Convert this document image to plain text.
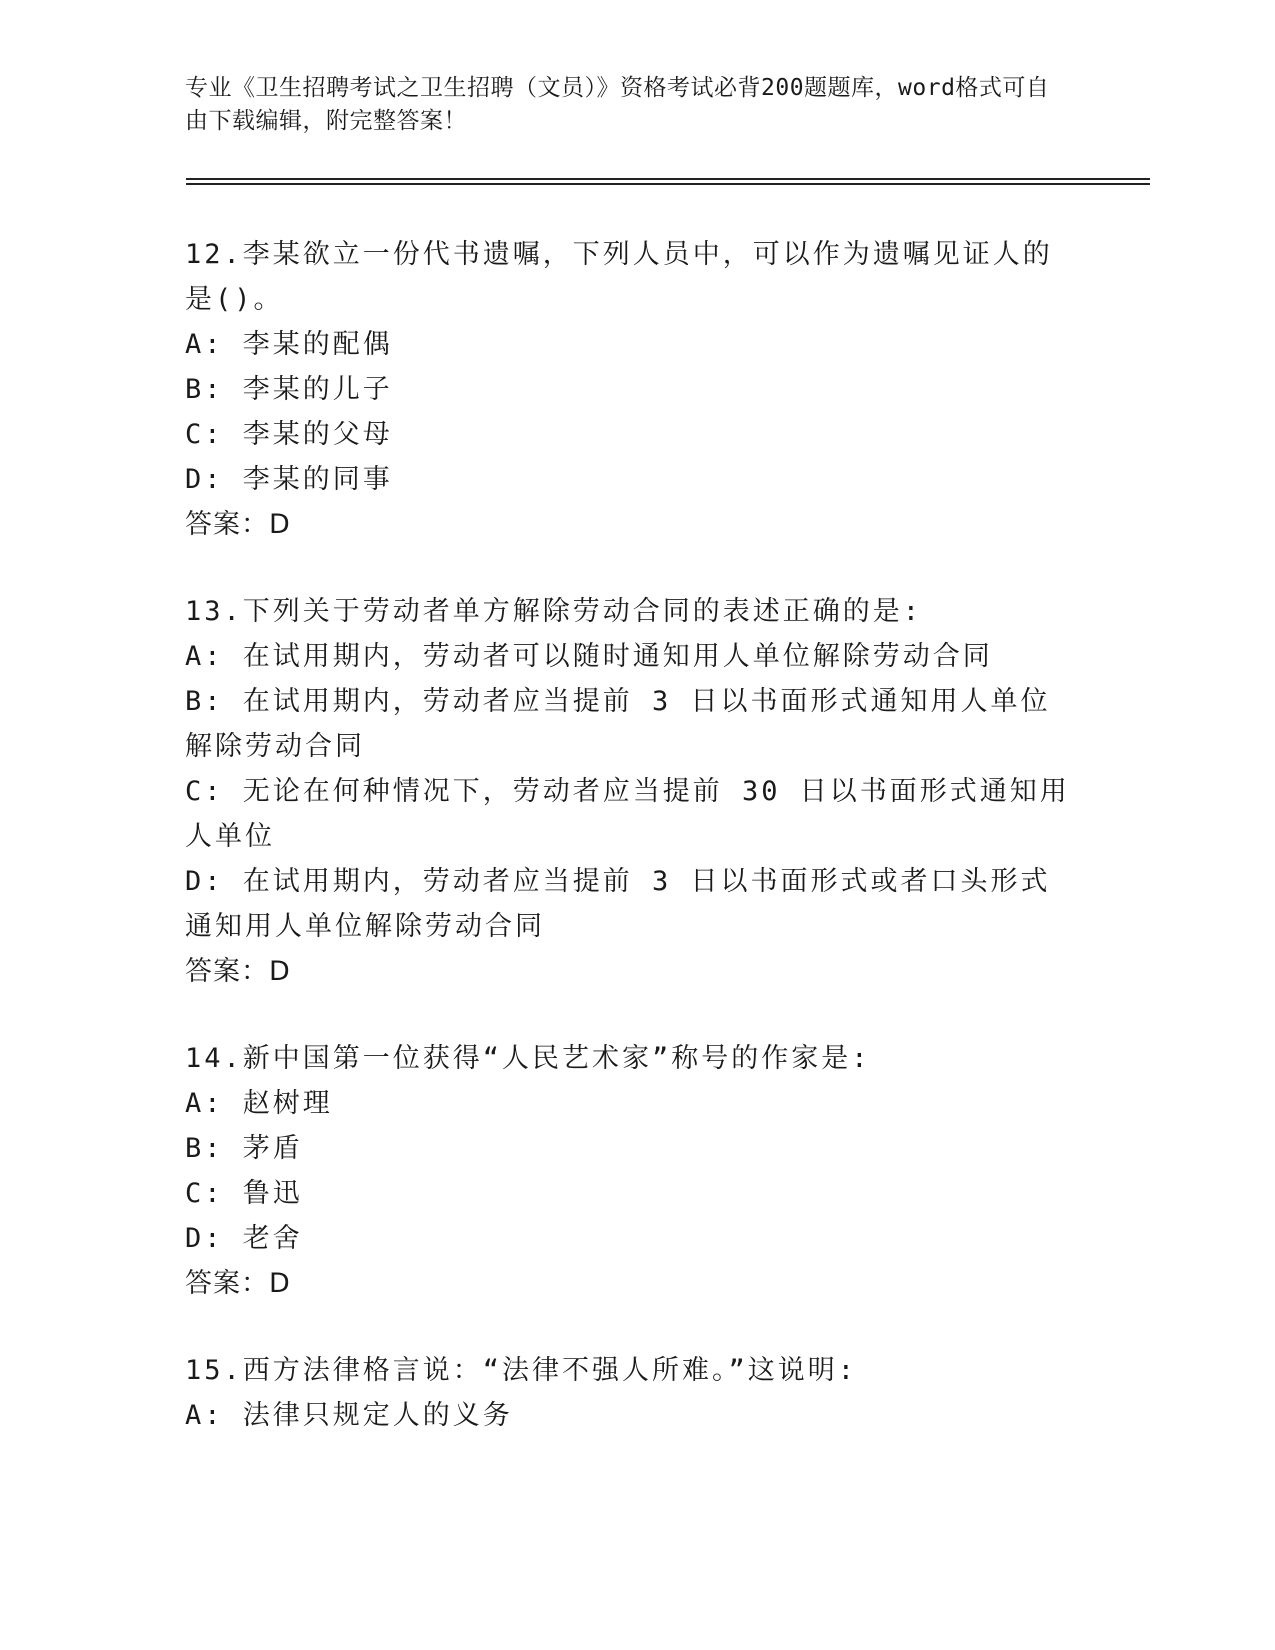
专业《卫生招聘考试之卫生招聘（文员）》资格考试必背200题题库，word格式可自由下载编辑，附完整答案！

12.李某欲立一份代书遗嘱，下列人员中，可以作为遗嘱见证人的是()。

A: 李某的配偶

B: 李某的儿子

C: 李某的父母

D: 李某的同事

答案：D

13.下列关于劳动者单方解除劳动合同的表述正确的是:

A: 在试用期内，劳动者可以随时通知用人单位解除劳动合同

B: 在试用期内，劳动者应当提前 3 日以书面形式通知用人单位解除劳动合同

C: 无论在何种情况下，劳动者应当提前 30 日以书面形式通知用人单位

D: 在试用期内，劳动者应当提前 3 日以书面形式或者口头形式通知用人单位解除劳动合同

答案：D

14.新中国第一位获得“人民艺术家”称号的作家是:

A: 赵树理

B: 茅盾

C: 鲁迅

D: 老舍

答案：D

15.西方法律格言说：“法律不强人所难。”这说明:

A: 法律只规定人的义务
